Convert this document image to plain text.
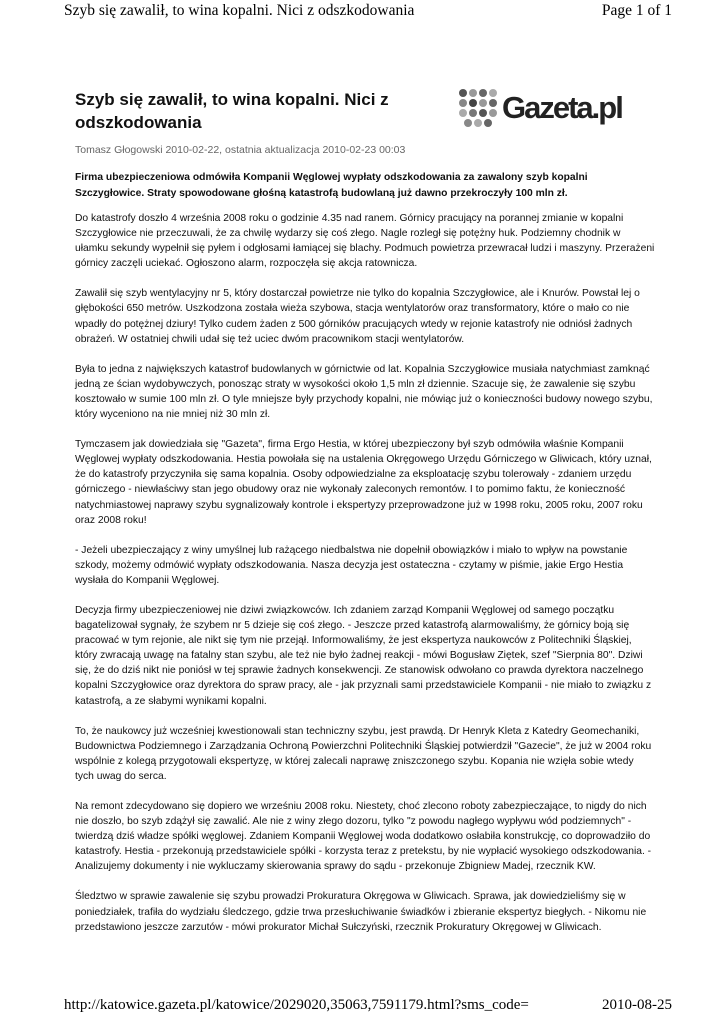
Szyb się zawalił, to wina kopalni. Nici z odszkodowania	Page 1 of 1
Szyb się zawalił, to wina kopalni. Nici z odszkodowania	Gazeta.pl
Tomasz Głogowski 2010-02-22, ostatnia aktualizacja 2010-02-23 00:03

Firma ubezpieczeniowa odmówiła Kompanii Węglowej wypłaty odszkodowania za zawalony szyb kopalni Szczygłowice. Straty spowodowane głośną katastrofą budowlaną już dawno przekroczyły 100 mln zł.

Do katastrofy doszło 4 września 2008 roku o godzinie 4.35 nad ranem. Górnicy pracujący na porannej zmianie w kopalni Szczygłowice nie przeczuwali, że za chwilę wydarzy się coś złego. Nagle rozległ się potężny huk. Podziemny chodnik w ułamku sekundy wypełnił się pyłem i odgłosami łamiącej się blachy. Podmuch powietrza przewracał ludzi i maszyny. Przerażeni górnicy zaczęli uciekać. Ogłoszono alarm, rozpoczęła się akcja ratownicza.

Zawalił się szyb wentylacyjny nr 5, który dostarczał powietrze nie tylko do kopalnia Szczygłowice, ale i Knurów. Powstał lej o głębokości 650 metrów. Uszkodzona została wieża szybowa, stacja wentylatorów oraz transformatory, które o mało co nie wpadły do potężnej dziury! Tylko cudem żaden z 500 górników pracujących wtedy w rejonie katastrofy nie odniósł żadnych obrażeń. W ostatniej chwili udał się też uciec dwóm pracownikom stacji wentylatorów.

Była to jedna z największych katastrof budowlanych w górnictwie od lat. Kopalnia Szczygłowice musiała natychmiast zamknąć jedną ze ścian wydobywczych, ponosząc straty w wysokości około 1,5 mln zł dziennie. Szacuje się, że zawalenie się szybu kosztowało w sumie 100 mln zł. O tyle mniejsze były przychody kopalni, nie mówiąc już o konieczności budowy nowego szybu, który wyceniono na nie mniej niż 30 mln zł.

Tymczasem jak dowiedziała się "Gazeta", firma Ergo Hestia, w której ubezpieczony był szyb odmówiła właśnie Kompanii Węglowej wypłaty odszkodowania. Hestia powołała się na ustalenia Okręgowego Urzędu Górniczego w Gliwicach, który uznał, że do katastrofy przyczyniła się sama kopalnia. Osoby odpowiedzialne za eksploatację szybu tolerowały - zdaniem urzędu górniczego - niewłaściwy stan jego obudowy oraz nie wykonały zaleconych remontów. I to pomimo faktu, że konieczność natychmiastowej naprawy szybu sygnalizowały kontrole i ekspertyzy przeprowadzone już w 1998 roku, 2005 roku, 2007 roku oraz 2008 roku!

- Jeżeli ubezpieczający z winy umyślnej lub rażącego niedbalstwa nie dopełnił obowiązków i miało to wpływ na powstanie szkody, możemy odmówić wypłaty odszkodowania. Nasza decyzja jest ostateczna - czytamy w piśmie, jakie Ergo Hestia wysłała do Kompanii Węglowej.

Decyzja firmy ubezpieczeniowej nie dziwi związkowców. Ich zdaniem zarząd Kompanii Węglowej od samego początku bagatelizował sygnały, że szybem nr 5 dzieje się coś złego. - Jeszcze przed katastrofą alarmowaliśmy, że górnicy boją się pracować w tym rejonie, ale nikt się tym nie przejął. Informowaliśmy, że jest ekspertyza naukowców z Politechniki Śląskiej, który zwracają uwagę na fatalny stan szybu, ale też nie było żadnej reakcji - mówi Bogusław Ziętek, szef "Sierpnia 80". Dziwi się, że do dziś nikt nie poniósł w tej sprawie żadnych konsekwencji. Ze stanowisk odwołano co prawda dyrektora naczelnego kopalni Szczygłowice oraz dyrektora do spraw pracy, ale - jak przyznali sami przedstawiciele Kompanii - nie miało to związku z katastrofą, a ze słabymi wynikami kopalni.

To, że naukowcy już wcześniej kwestionowali stan techniczny szybu, jest prawdą. Dr Henryk Kleta z Katedry Geomechaniki, Budownictwa Podziemnego i Zarządzania Ochroną Powierzchni Politechniki Śląskiej potwierdził "Gazecie", że już w 2004 roku wspólnie z kolegą przygotowali ekspertyzę, w której zalecali naprawę zniszczonego szybu. Kopania nie wzięła sobie wtedy tych uwag do serca.

Na remont zdecydowano się dopiero we wrześniu 2008 roku. Niestety, choć zlecono roboty zabezpieczające, to nigdy do nich nie doszło, bo szyb zdążył się zawalić. Ale nie z winy złego dozoru, tylko "z powodu nagłego wypływu wód podziemnych" - twierdzą dziś władze spółki węglowej. Zdaniem Kompanii Węglowej woda dodatkowo osłabiła konstrukcję, co doprowadziło do katastrofy. Hestia - przekonują przedstawiciele spółki - korzysta teraz z pretekstu, by nie wypłacić wysokiego odszkodowania. - Analizujemy dokumenty i nie wykluczamy skierowania sprawy do sądu - przekonuje Zbigniew Madej, rzecznik KW.

Śledztwo w sprawie zawalenie się szybu prowadzi Prokuratura Okręgowa w Gliwicach. Sprawa, jak dowiedzieliśmy się w poniedziałek, trafiła do wydziału śledczego, gdzie trwa przesłuchiwanie świadków i zbieranie ekspertyz biegłych. - Nikomu nie przedstawiono jeszcze zarzutów - mówi prokurator Michał Sułczyński, rzecznik Prokuratury Okręgowej w Gliwicach.

http://katowice.gazeta.pl/katowice/2029020,35063,7591179.html?sms_code=	2010-08-25
